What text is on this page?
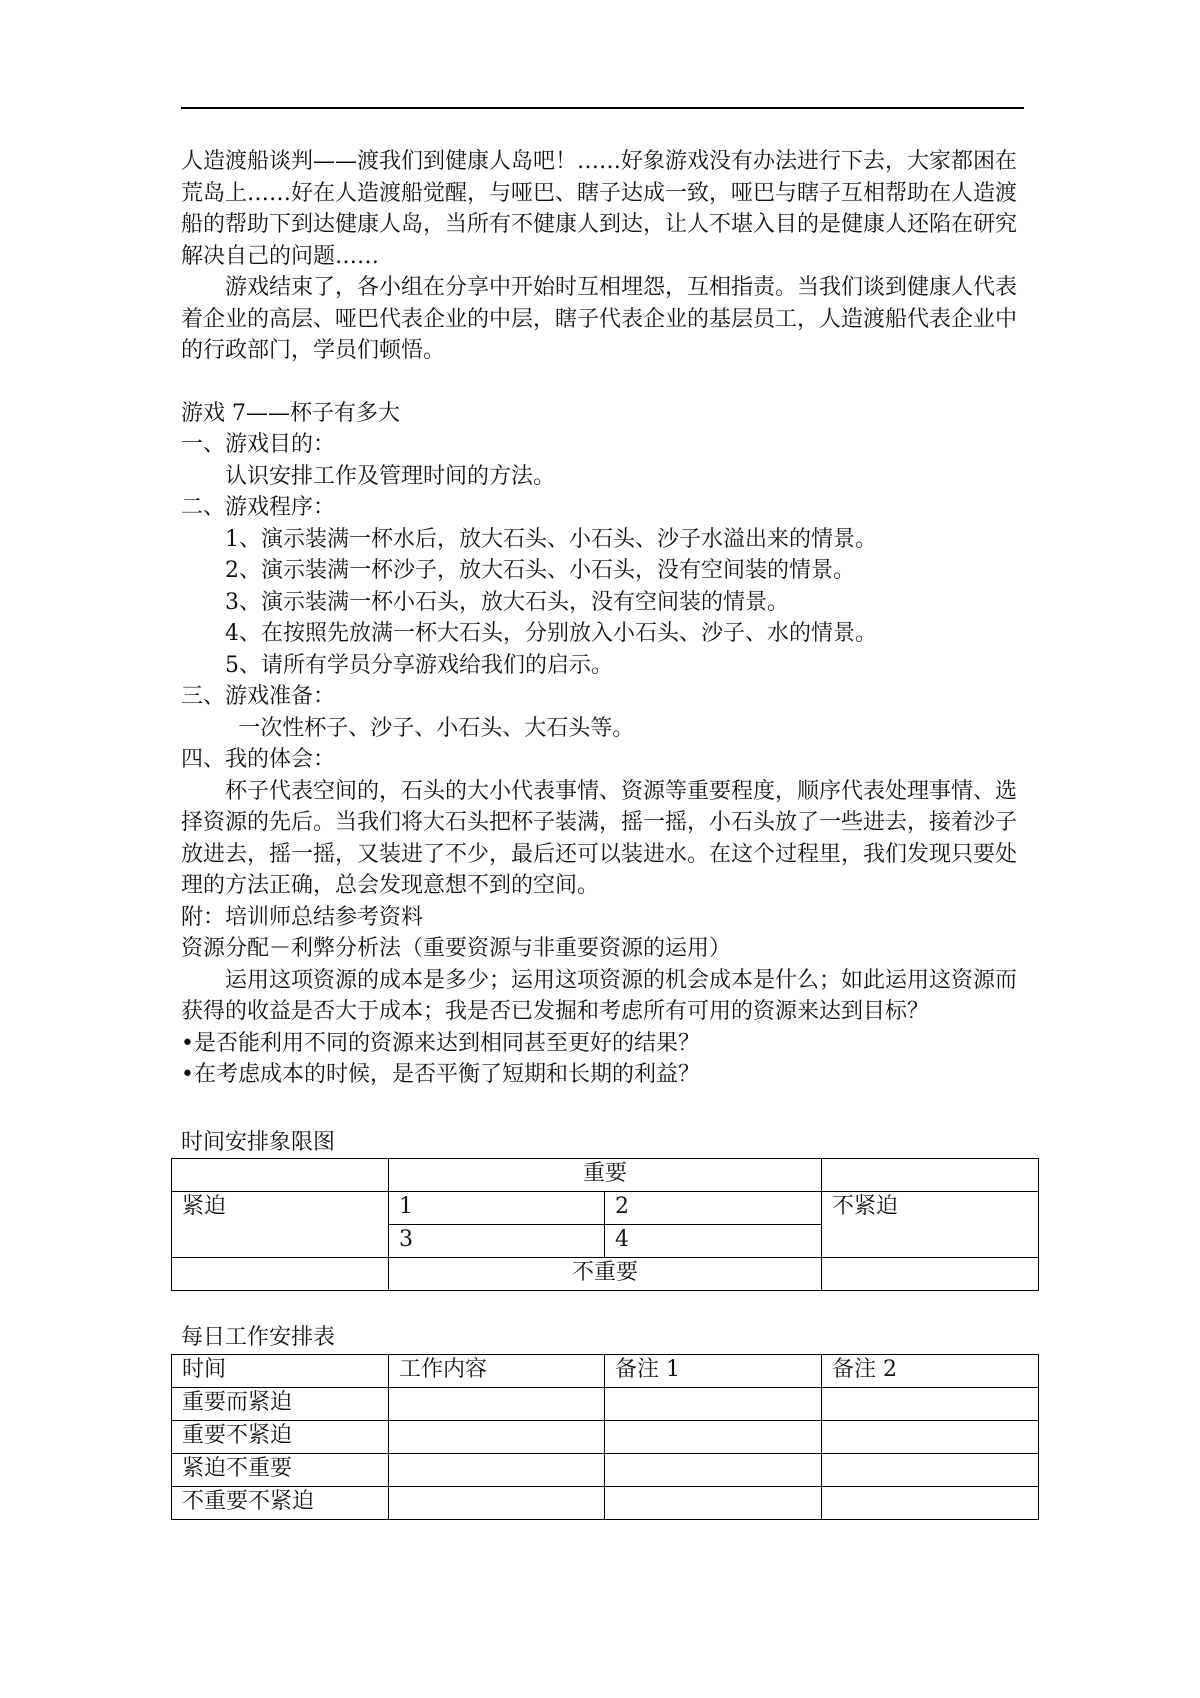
人造渡船谈判——渡我们到健康人岛吧！……好象游戏没有办法进行下去，大家都困在荒岛上……好在人造渡船觉醒，与哑巴、瞎子达成一致，哑巴与瞎子互相帮助在人造渡船的帮助下到达健康人岛，当所有不健康人到达，让人不堪入目的是健康人还陷在研究解决自己的问题……

游戏结束了，各小组在分享中开始时互相埋怨，互相指责。当我们谈到健康人代表着企业的高层、哑巴代表企业的中层，瞎子代表企业的基层员工，人造渡船代表企业中的行政部门，学员们顿悟。

游戏 7——杯子有多大

一、游戏目的：

认识安排工作及管理时间的方法。

二、游戏程序：

1、演示装满一杯水后，放大石头、小石头、沙子水溢出来的情景。

2、演示装满一杯沙子，放大石头、小石头，没有空间装的情景。

3、演示装满一杯小石头，放大石头，没有空间装的情景。

4、在按照先放满一杯大石头，分别放入小石头、沙子、水的情景。

5、请所有学员分享游戏给我们的启示。

三、游戏准备：

一次性杯子、沙子、小石头、大石头等。

四、我的体会：

杯子代表空间的，石头的大小代表事情、资源等重要程度，顺序代表处理事情、选择资源的先后。当我们将大石头把杯子装满，摇一摇，小石头放了一些进去，接着沙子放进去，摇一摇，又装进了不少，最后还可以装进水。在这个过程里，我们发现只要处理的方法正确，总会发现意想不到的空间。

附：培训师总结参考资料

资源分配－利弊分析法（重要资源与非重要资源的运用）

运用这项资源的成本是多少；运用这项资源的机会成本是什么；如此运用这资源而获得的收益是否大于成本；我是否已发掘和考虑所有可用的资源来达到目标？

•是否能利用不同的资源来达到相同甚至更好的结果？

•在考虑成本的时候，是否平衡了短期和长期的利益？

时间安排象限图

	重要		
紧迫	1	2	不紧迫
	3	4	
	不重要		

每日工作安排表

时间	工作内容	备注 1	备注 2
重要而紧迫			
重要不紧迫			
紧迫不重要			
不重要不紧迫			
